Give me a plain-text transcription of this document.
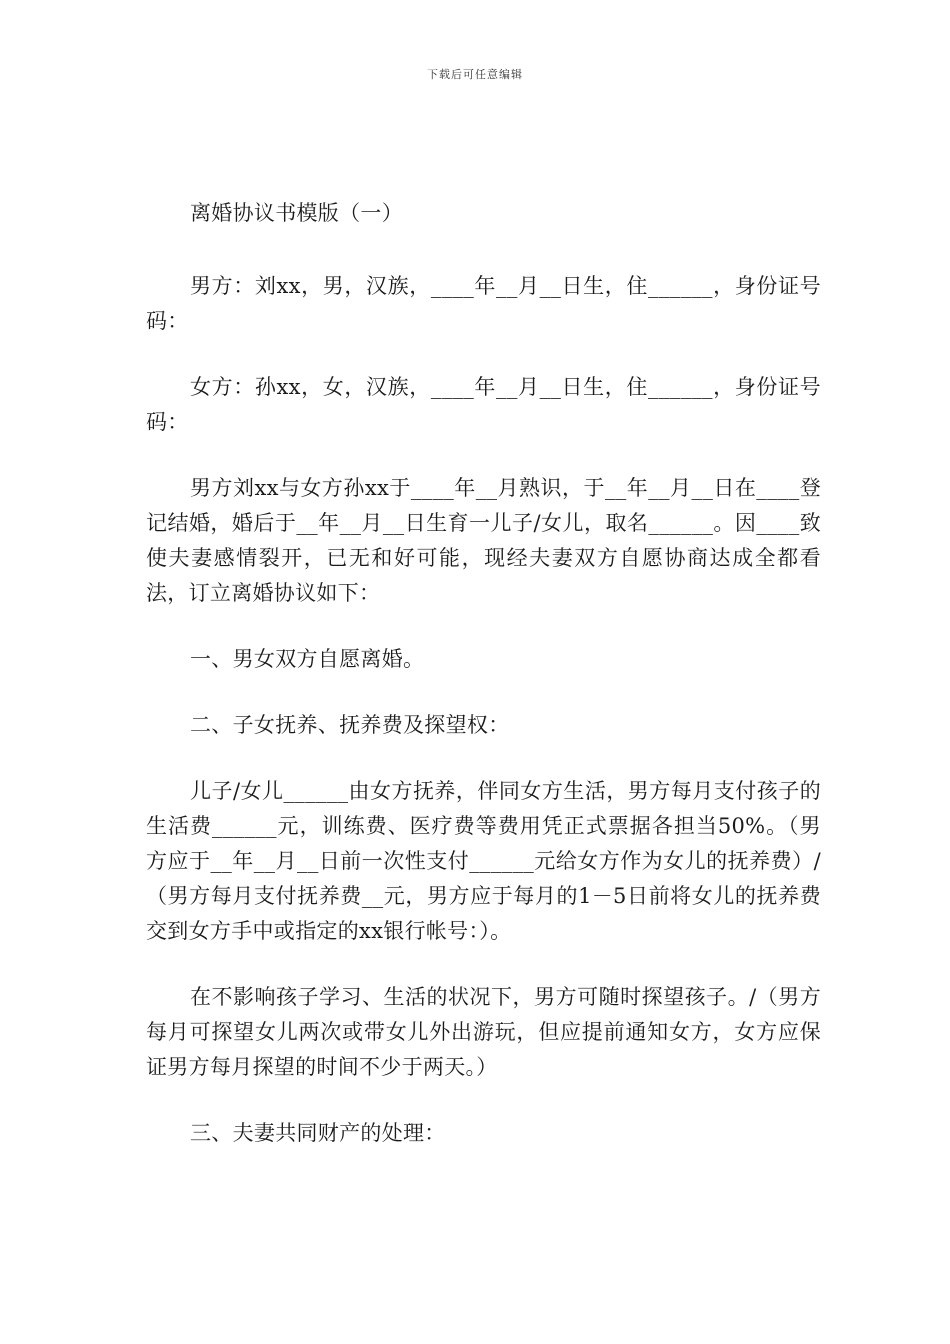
下载后可任意编辑

离婚协议书模版（一）

男方：刘xx，男，汉族，____年__月__日生，住______，身份证号码：

女方：孙xx，女，汉族，____年__月__日生，住______，身份证号码：

男方刘xx与女方孙xx于____年__月熟识，于__年__月__日在____登记结婚，婚后于__年__月__日生育一儿子/女儿，取名______。因____致使夫妻感情裂开，已无和好可能，现经夫妻双方自愿协商达成全都看法，订立离婚协议如下：

一、男女双方自愿离婚。

二、子女抚养、抚养费及探望权：

儿子/女儿______由女方抚养，伴同女方生活，男方每月支付孩子的生活费______元，训练费、医疗费等费用凭正式票据各担当50%。（男方应于__年__月__日前一次性支付______元给女方作为女儿的抚养费）/（男方每月支付抚养费__元，男方应于每月的1－5日前将女儿的抚养费交到女方手中或指定的xx银行帐号：）。

在不影响孩子学习、生活的状况下，男方可随时探望孩子。/（男方每月可探望女儿两次或带女儿外出游玩，但应提前通知女方，女方应保证男方每月探望的时间不少于两天。）

三、夫妻共同财产的处理：
